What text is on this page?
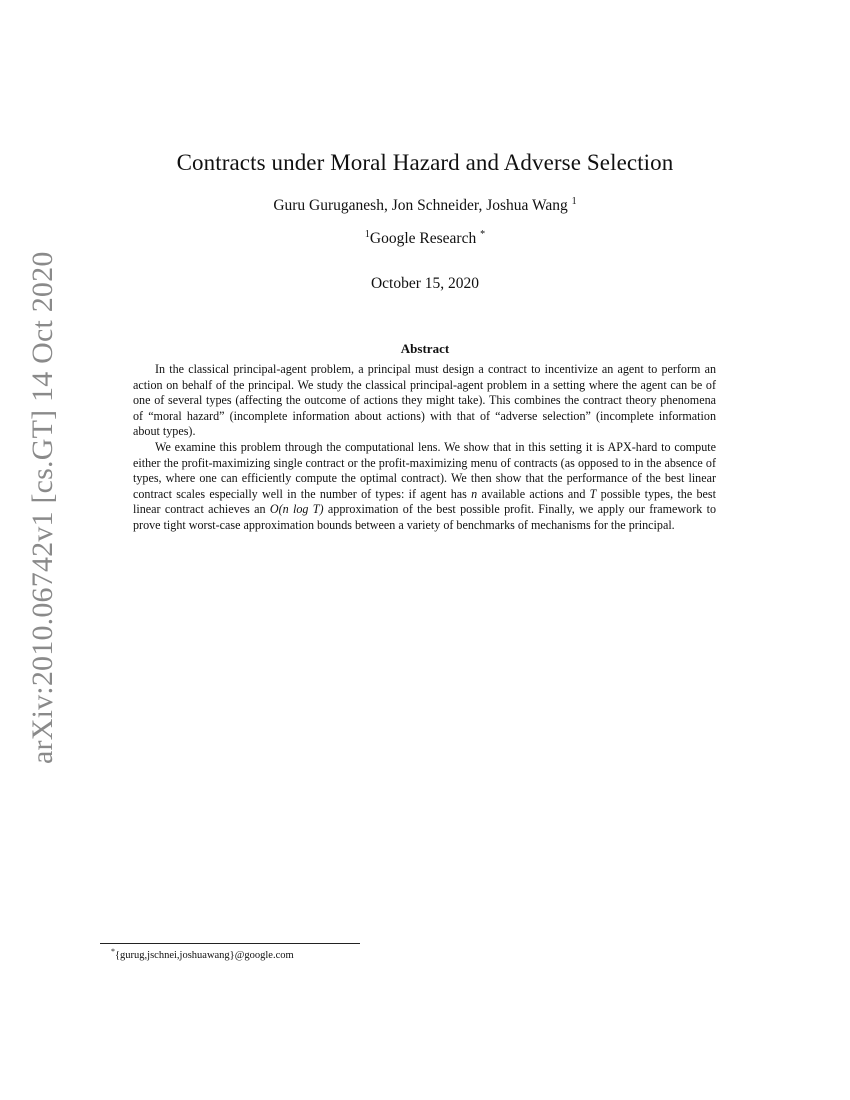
arXiv:2010.06742v1 [cs.GT] 14 Oct 2020
Contracts under Moral Hazard and Adverse Selection
Guru Guruganesh, Jon Schneider, Joshua Wang $^1$
$^1$Google Research *
October 15, 2020
Abstract

In the classical principal-agent problem, a principal must design a contract to incentivize an agent to perform an action on behalf of the principal. We study the classical principal-agent problem in a setting where the agent can be of one of several types (affecting the outcome of actions they might take). This combines the contract theory phenomena of “moral hazard” (incomplete information about actions) with that of “adverse selection” (incomplete information about types).

We examine this problem through the computational lens. We show that in this setting it is APX-hard to compute either the profit-maximizing single contract or the profit-maximizing menu of contracts (as opposed to in the absence of types, where one can efficiently compute the optimal contract). We then show that the performance of the best linear contract scales especially well in the number of types: if agent has n available actions and T possible types, the best linear contract achieves an O(n log T) approximation of the best possible profit. Finally, we apply our framework to prove tight worst-case approximation bounds between a variety of benchmarks of mechanisms for the principal.

*{gurug,jschnei,joshuawang}@google.com
